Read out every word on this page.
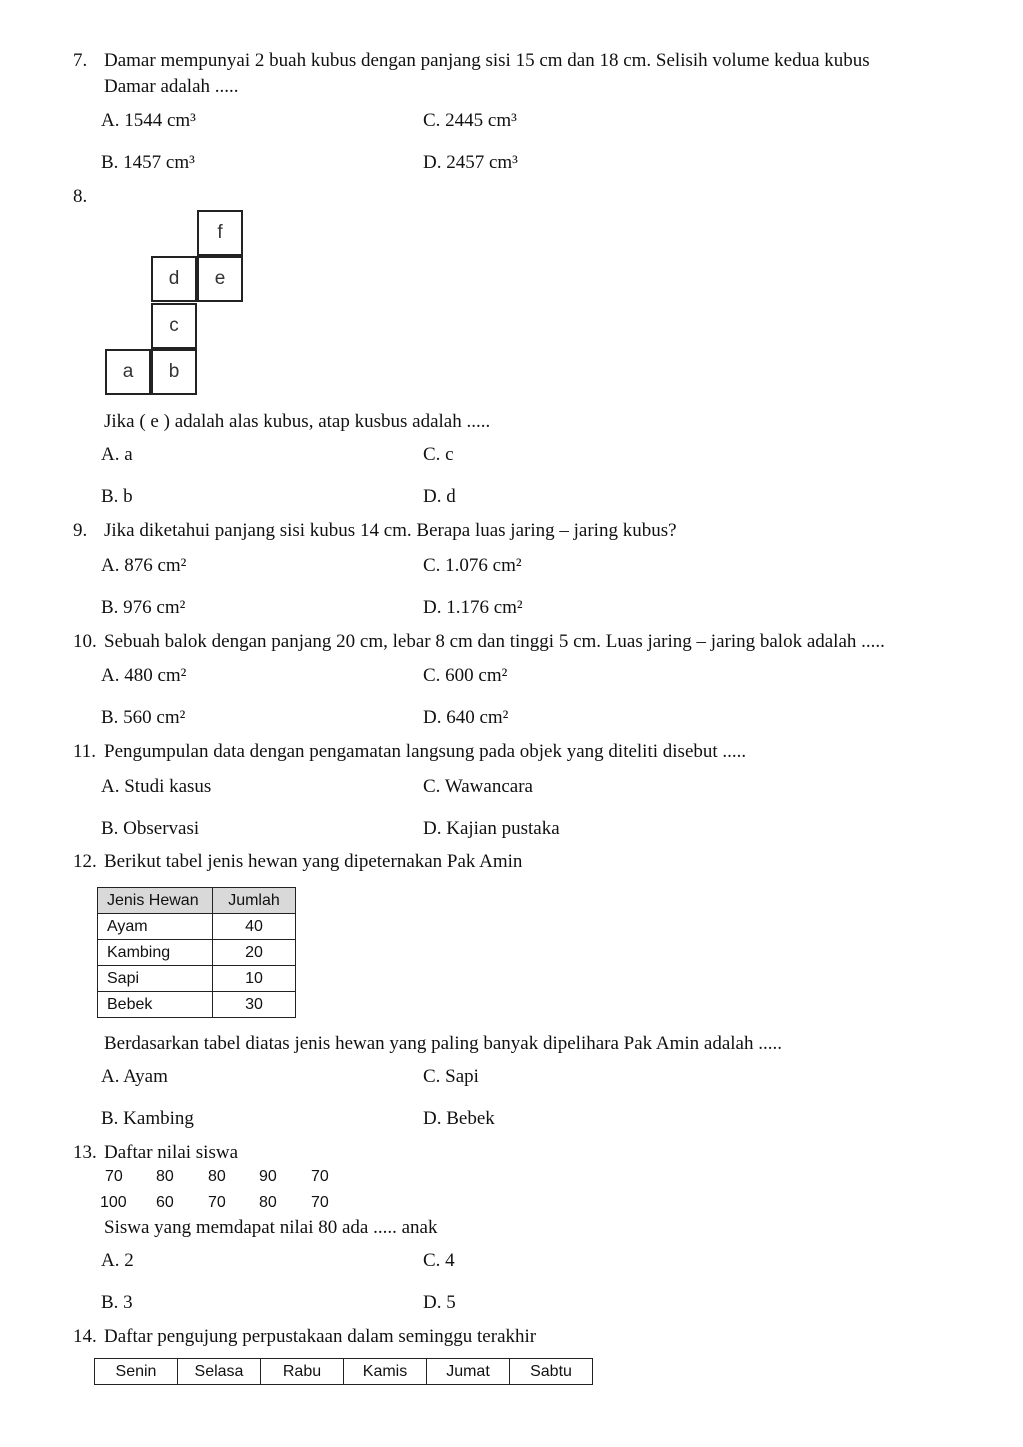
7. Damar mempunyai 2 buah kubus dengan panjang sisi 15 cm dan 18 cm. Selisih volume kedua kubus
Damar adalah .....
A. 1544 cm³	C. 2445 cm³
B. 1457 cm³	D. 2457 cm³
8.
f
d	e
c
a	b
Jika ( e ) adalah alas kubus, atap kusbus adalah .....
A. a	C. c
B. b	D. d
9. Jika diketahui panjang sisi kubus 14 cm. Berapa luas jaring – jaring kubus?
A. 876 cm²	C. 1.076 cm²
B. 976 cm²	D. 1.176 cm²
10. Sebuah balok dengan panjang 20 cm, lebar 8 cm dan tinggi 5 cm. Luas jaring – jaring balok adalah .....
A. 480 cm²	C. 600 cm²
B. 560 cm²	D. 640 cm²
11. Pengumpulan data dengan pengamatan langsung pada objek yang diteliti disebut .....
A. Studi kasus	C. Wawancara
B. Observasi	D. Kajian pustaka
12. Berikut tabel jenis hewan yang dipeternakan Pak Amin
Jenis Hewan	Jumlah
Ayam	40
Kambing	20
Sapi	10
Bebek	30
Berdasarkan tabel diatas jenis hewan yang paling banyak dipelihara Pak Amin adalah .....
A. Ayam	C. Sapi
B. Kambing	D. Bebek
13. Daftar nilai siswa
70 80 80 90 70
100 60 70 80 70
Siswa yang memdapat nilai 80 ada ..... anak
A. 2	C. 4
B. 3	D. 5
14. Daftar pengujung perpustakaan dalam seminggu terakhir
Senin	Selasa	Rabu	Kamis	Jumat	Sabtu
